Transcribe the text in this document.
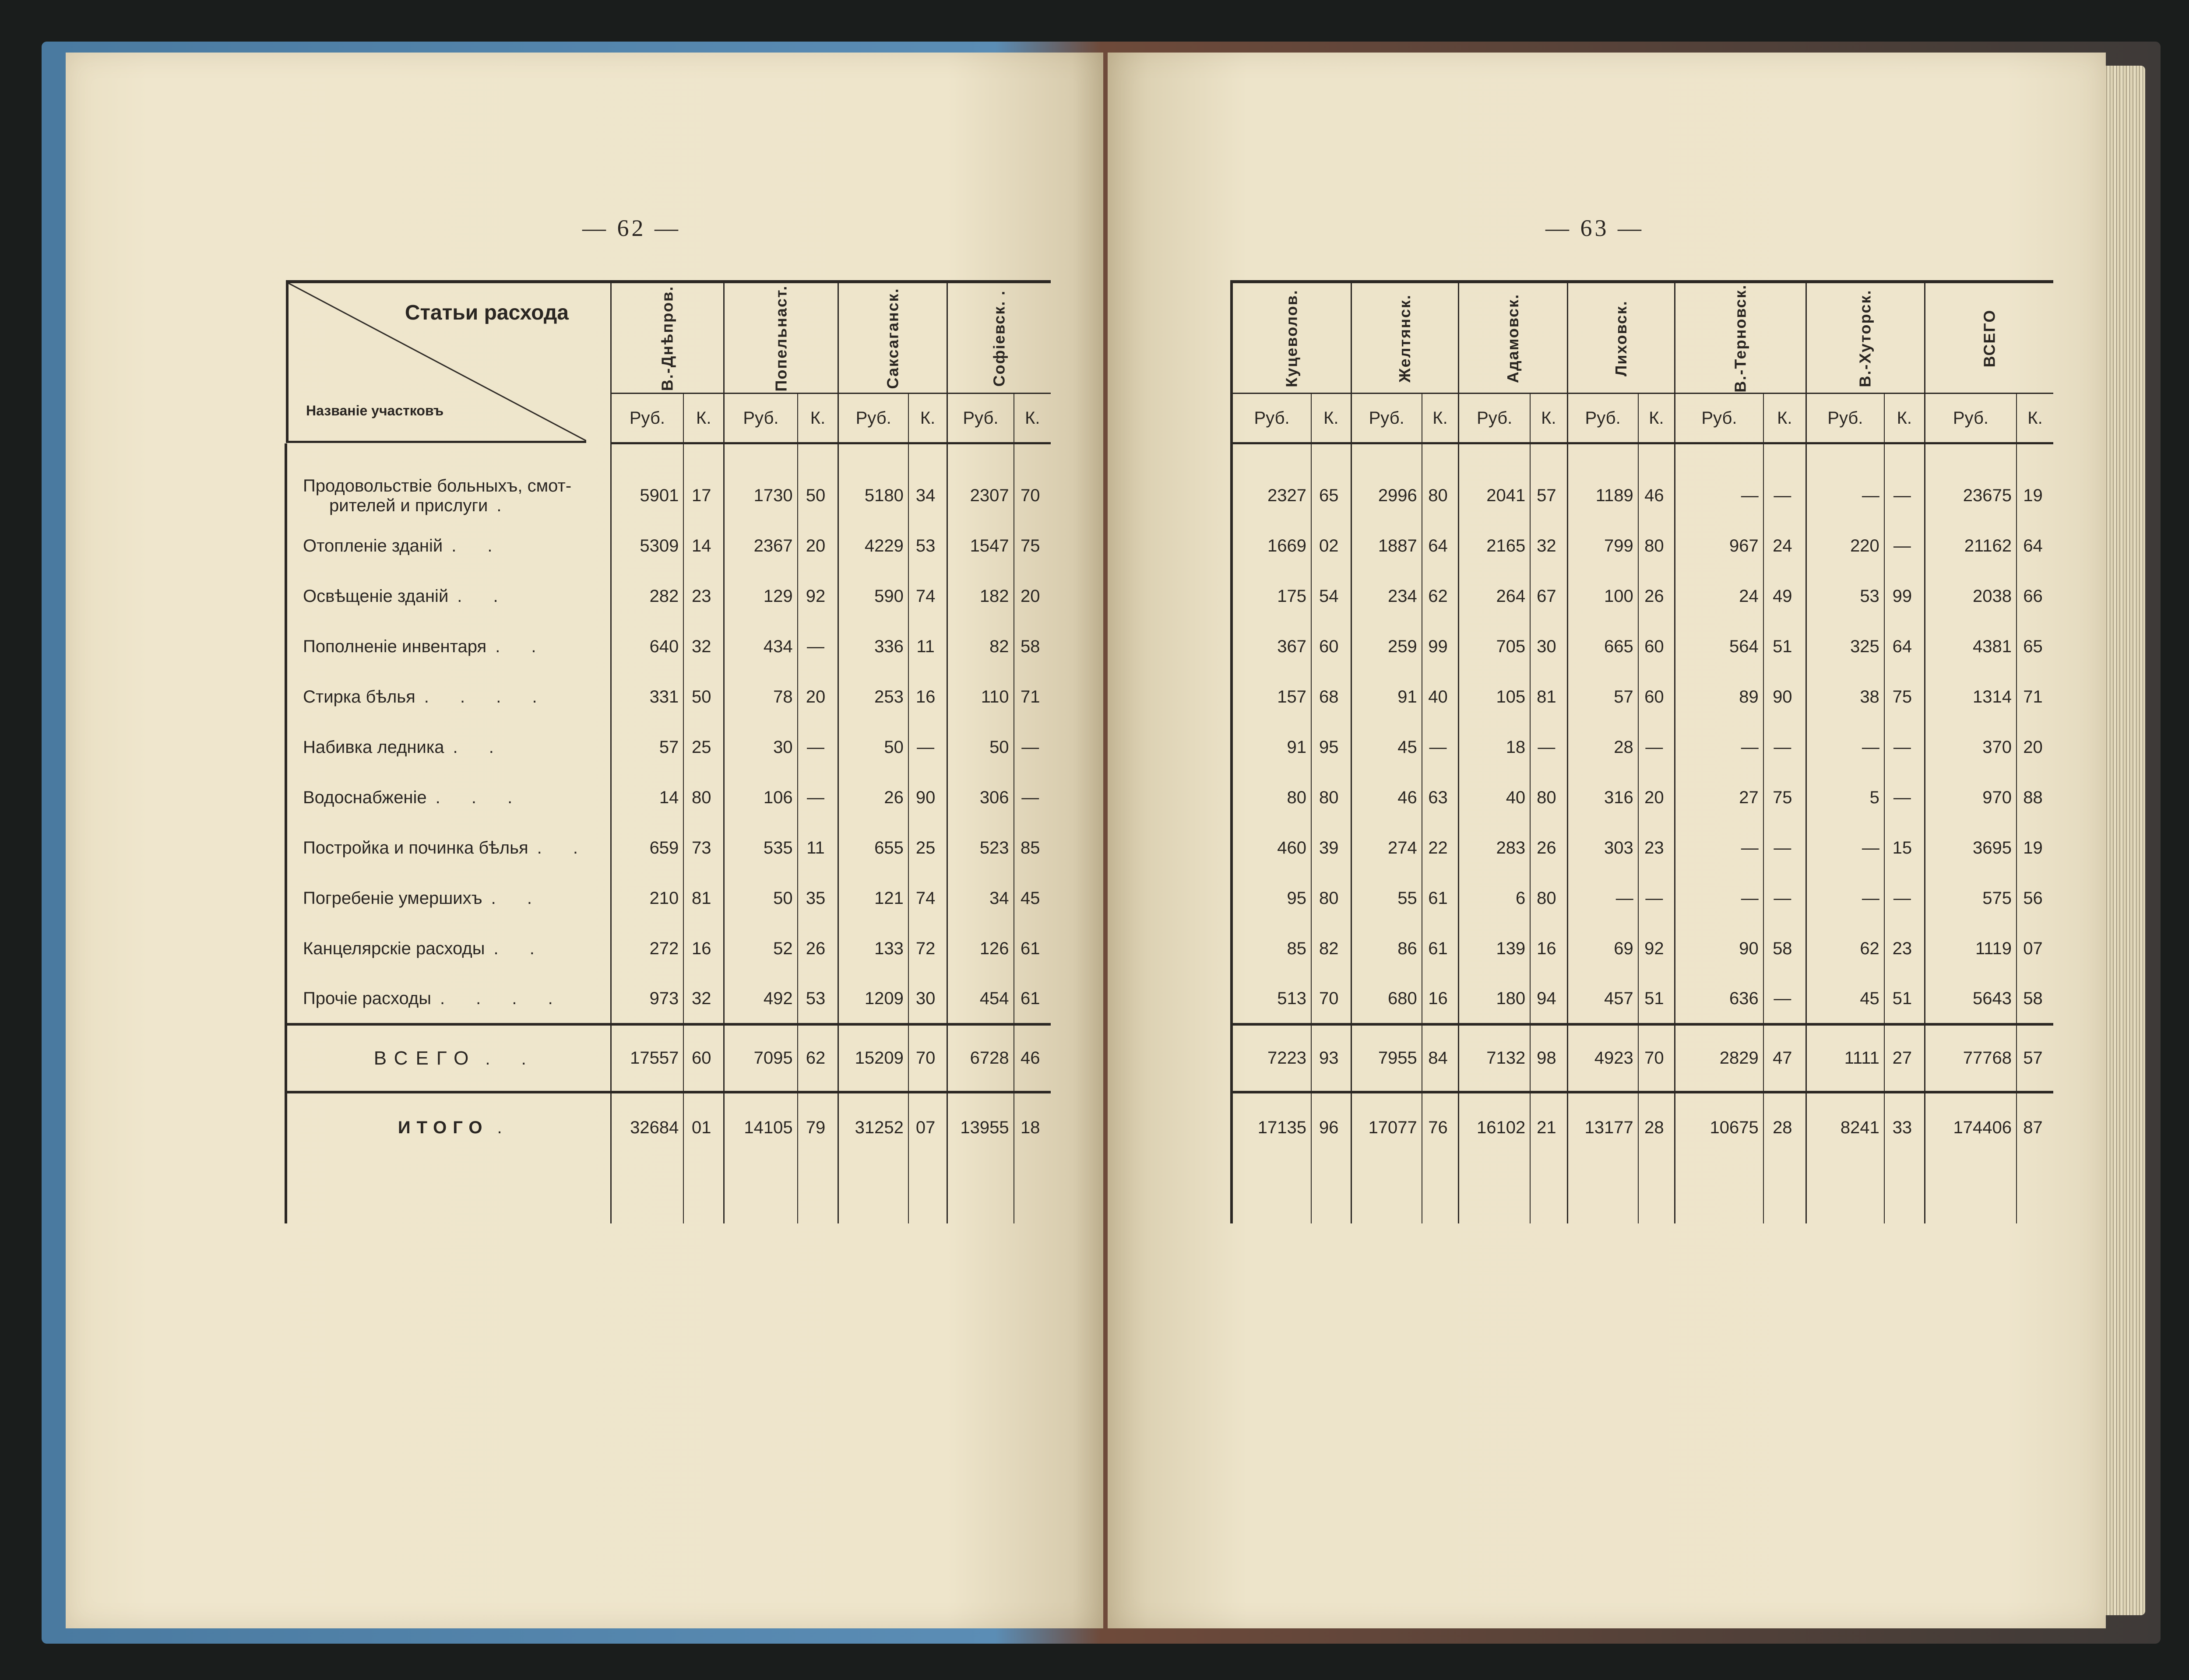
— 62 —
Статьи расхода
Названіе участковъ	В.-Днѣпров.		Попельнаст.		Саксаганск.		Софіевск. .	
	Руб.	К.	Руб.	К.	Руб.	К.	Руб.	К.

Продовольствіе больныхъ, смот-
рителей и прислуги .	5901	17	1730	50	5180	34	2307	70
Отопленіе зданій . .	5309	14	2367	20	4229	53	1547	75
Освѣщеніе зданій . .	282	23	129	92	590	74	182	20
Пополненіе инвентаря . .	640	32	434	—	336	11	82	58
Стирка бѣлья . . . .	331	50	78	20	253	16	110	71
Набивка ледника . .	57	25	30	—	50	—	50	—
Водоснабженіе . . .	14	80	106	—	26	90	306	—
Постройка и починка бѣлья . .	659	73	535	11	655	25	523	85
Погребеніе умершихъ . .	210	81	50	35	121	74	34	45
Канцелярскіе расходы . .	272	16	52	26	133	72	126	61
Прочіе расходы . . . .	973	32	492	53	1209	30	454	61
ВСЕГО . .	17557	60	7095	62	15209	70	6728	46
ИТОГО .	32684	01	14105	79	31252	07	13955	18

— 63 —
Куцеволов.		Желтянск.		Адамовск.		Лиховск.		В.-Терновск.		В.-Хуторск.		ВСЕГО	
Руб.	К.	Руб.	К.	Руб.	К.	Руб.	К.	Руб.	К.	Руб.	К.	Руб.	К.

2327	65	2996	80	2041	57	1189	46	—	—	—	—	23675	19
1669	02	1887	64	2165	32	799	80	967	24	220	—	21162	64
175	54	234	62	264	67	100	26	24	49	53	99	2038	66
367	60	259	99	705	30	665	60	564	51	325	64	4381	65
157	68	91	40	105	81	57	60	89	90	38	75	1314	71
91	95	45	—	18	—	28	—	—	—	—	—	370	20
80	80	46	63	40	80	316	20	27	75	5	—	970	88
460	39	274	22	283	26	303	23	—	—	—	15	3695	19
95	80	55	61	6	80	—	—	—	—	—	—	575	56
85	82	86	61	139	16	69	92	90	58	62	23	1119	07
513	70	680	16	180	94	457	51	636	—	45	51	5643	58
7223	93	7955	84	7132	98	4923	70	2829	47	1111	27	77768	57
17135	96	17077	76	16102	21	13177	28	10675	28	8241	33	174406	87
